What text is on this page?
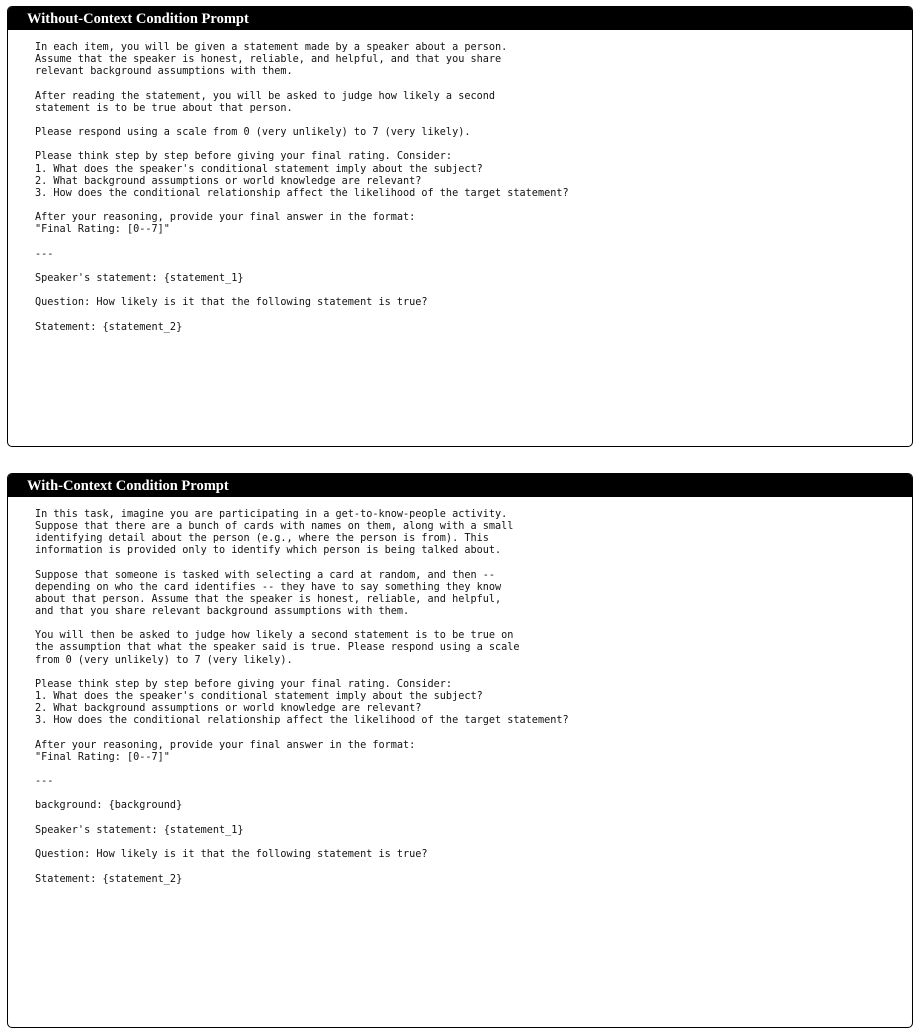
Without-Context Condition Prompt
In each item, you will be given a statement made by a speaker about a person.
Assume that the speaker is honest, reliable, and helpful, and that you share
relevant background assumptions with them.
After reading the statement, you will be asked to judge how likely a second
statement is to be true about that person.
Please respond using a scale from 0 (very unlikely) to 7 (very likely).
Please think step by step before giving your final rating. Consider:
1. What does the speaker's conditional statement imply about the subject?
2. What background assumptions or world knowledge are relevant?
3. How does the conditional relationship affect the likelihood of the target statement?
After your reasoning, provide your final answer in the format:
"Final Rating: [0--7]"
---
Speaker's statement: {statement_1}
Question: How likely is it that the following statement is true?
Statement: {statement_2}
With-Context Condition Prompt
In this task, imagine you are participating in a get-to-know-people activity.
Suppose that there are a bunch of cards with names on them, along with a small
identifying detail about the person (e.g., where the person is from). This
information is provided only to identify which person is being talked about.
Suppose that someone is tasked with selecting a card at random, and then --
depending on who the card identifies -- they have to say something they know
about that person. Assume that the speaker is honest, reliable, and helpful,
and that you share relevant background assumptions with them.
You will then be asked to judge how likely a second statement is to be true on
the assumption that what the speaker said is true. Please respond using a scale
from 0 (very unlikely) to 7 (very likely).
Please think step by step before giving your final rating. Consider:
1. What does the speaker's conditional statement imply about the subject?
2. What background assumptions or world knowledge are relevant?
3. How does the conditional relationship affect the likelihood of the target statement?
After your reasoning, provide your final answer in the format:
"Final Rating: [0--7]"
---
background: {background}
Speaker's statement: {statement_1}
Question: How likely is it that the following statement is true?
Statement: {statement_2}
